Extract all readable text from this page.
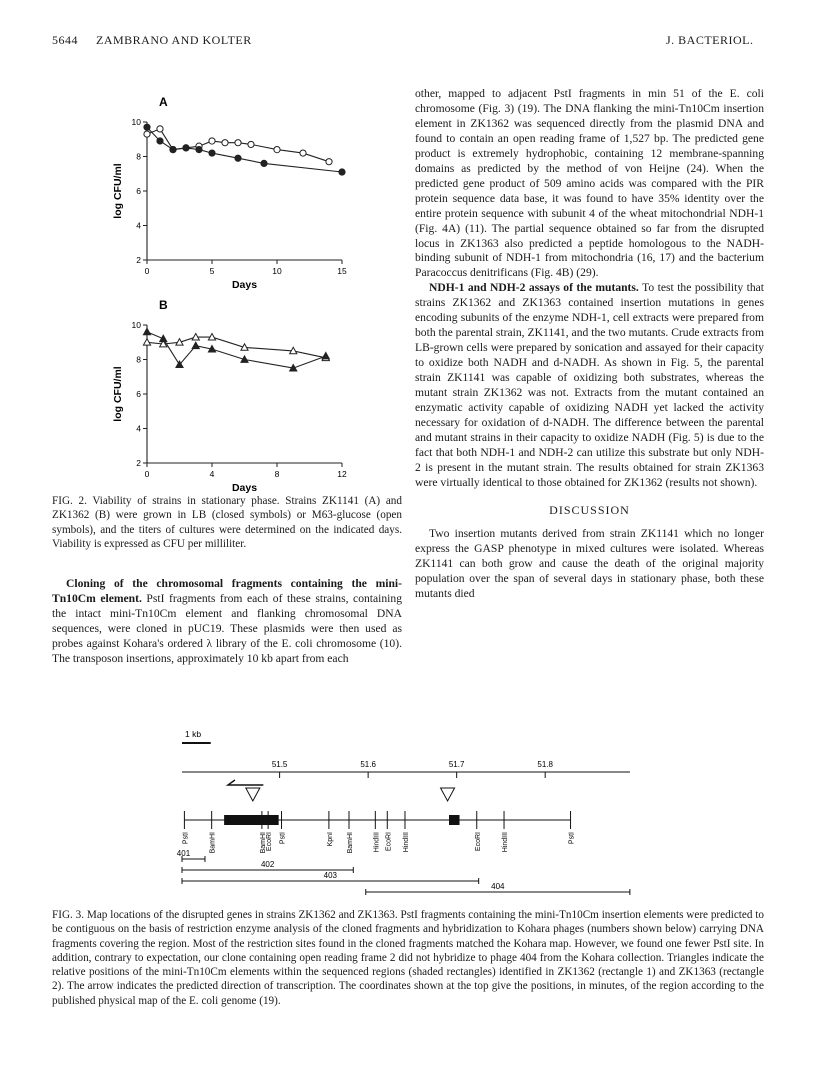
5644 ZAMBRANO AND KOLTER	J. BACTERIOL.
A
2
4
6
8
10
0	5	10	15
Days
log CFU/ml
B
2
4
6
8
10
0	4	8	12
Days
log CFU/ml
FIG. 2. Viability of strains in stationary phase. Strains ZK1141 (A) and ZK1362 (B) were grown in LB (closed symbols) or M63-glucose (open symbols), and the titers of cultures were determined on the indicated days. Viability is expressed as CFU per milliliter.

Cloning of the chromosomal fragments containing the mini-Tn10Cm element. PstI fragments from each of these strains, containing the intact mini-Tn10Cm element and flanking chromosomal DNA sequences, were cloned in pUC19. These plasmids were then used as probes against Kohara's ordered λ library of the E. coli chromosome (10). The transposon insertions, approximately 10 kb apart from each

other, mapped to adjacent PstI fragments in min 51 of the E. coli chromosome (Fig. 3) (19). The DNA flanking the mini-Tn10Cm insertion element in ZK1362 was sequenced directly from the plasmid DNA and found to contain an open reading frame of 1,527 bp. The predicted gene product is extremely hydrophobic, containing 12 membrane-spanning domains as predicted by the method of von Heijne (24). When the predicted gene product of 509 amino acids was compared with the PIR protein sequence data base, it was found to have 35% identity over the entire protein sequence with subunit 4 of the wheat mitochondrial NDH-1 (Fig. 4A) (11). The partial sequence obtained so far from the disrupted locus in ZK1363 also predicted a peptide homologous to the NADH-binding subunit of NDH-1 from mitochondria (16, 17) and the bacterium Paracoccus denitrificans (Fig. 4B) (29).

NDH-1 and NDH-2 assays of the mutants. To test the possibility that strains ZK1362 and ZK1363 contained insertion mutations in genes encoding subunits of the enzyme NDH-1, cell extracts were prepared from both the parental strain, ZK1141, and the two mutants. Crude extracts from LB-grown cells were prepared by sonication and assayed for their capacity to oxidize both NADH and d-NADH. As shown in Fig. 5, the parental strain ZK1141 was capable of oxidizing both substrates, whereas the mutant strain ZK1362 was not. Extracts from the mutant contained an enzymatic activity capable of oxidizing NADH yet lacked the activity necessary for oxidation of d-NADH. The difference between the parental and mutant strains in their capacity to oxidize NADH (Fig. 5) is due to the fact that both NDH-1 and NDH-2 can utilize this substrate but only NDH-2 is present in the mutant strain. The results obtained for strain ZK1363 were virtually identical to those obtained for ZK1362 (results not shown).

DISCUSSION

Two insertion mutants derived from strain ZK1141 which no longer express the GASP phenotype in mixed cultures were isolated. Whereas ZK1141 can both grow and cause the death of the original majority population over the span of several days in stationary phase, both these mutants died

1 kb
51.5	51.6	51.7	51.8
PstI	BamHI	BamHI EcoRI PstI	KpnI BamHI	HindIII EcoRI HindIII	EcoRI	HindIII	PstI
401
402
403
404
FIG. 3. Map locations of the disrupted genes in strains ZK1362 and ZK1363. PstI fragments containing the mini-Tn10Cm insertion elements were predicted to be contiguous on the basis of restriction enzyme analysis of the cloned fragments and hybridization to Kohara phages (numbers shown below) carrying DNA fragments covering the region. Most of the restriction sites found in the cloned fragments matched the Kohara map. However, we found one fewer PstI site. In addition, contrary to expectation, our clone containing open reading frame 2 did not hybridize to phage 404 from the Kohara collection. Triangles indicate the relative positions of the mini-Tn10Cm elements within the sequenced regions (shaded rectangles) identified in ZK1362 (rectangle 1) and ZK1363 (rectangle 2). The arrow indicates the predicted direction of transcription. The coordinates shown at the top give the positions, in minutes, of the region according to the published physical map of the E. coli genome (19).
